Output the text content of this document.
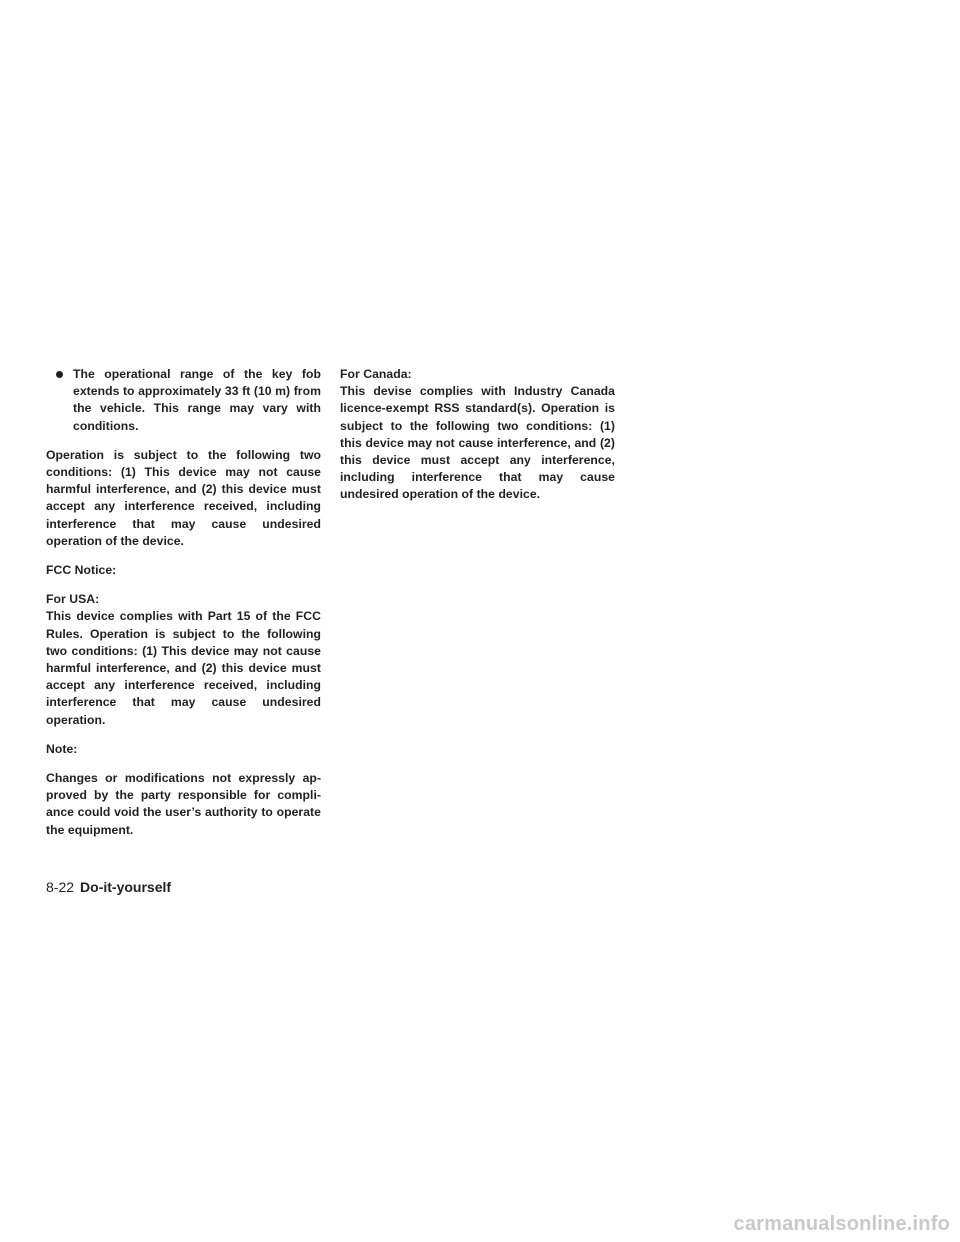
The operational range of the key fob extends to approximately 33 ft (10 m) from the vehicle. This range may vary with conditions.

Operation is subject to the following two conditions: (1) This device may not cause harmful interference, and (2) this device must accept any interference received, including interference that may cause undesired operation of the device.

FCC Notice:

For USA:
This device complies with Part 15 of the FCC Rules. Operation is subject to the following two conditions: (1) This device may not cause harmful interference, and (2) this device must accept any interference received, including interference that may cause undesired operation.

Note:

Changes or modifications not expressly approved by the party responsible for compliance could void the user’s authority to operate the equipment.

For Canada:
This devise complies with Industry Canada licence-exempt RSS standard(s). Operation is subject to the following two conditions: (1) this device may not cause interference, and (2) this device must accept any interference, including interference that may cause undesired operation of the device.
8-22 Do-it-yourself
carmanualsonline.info
